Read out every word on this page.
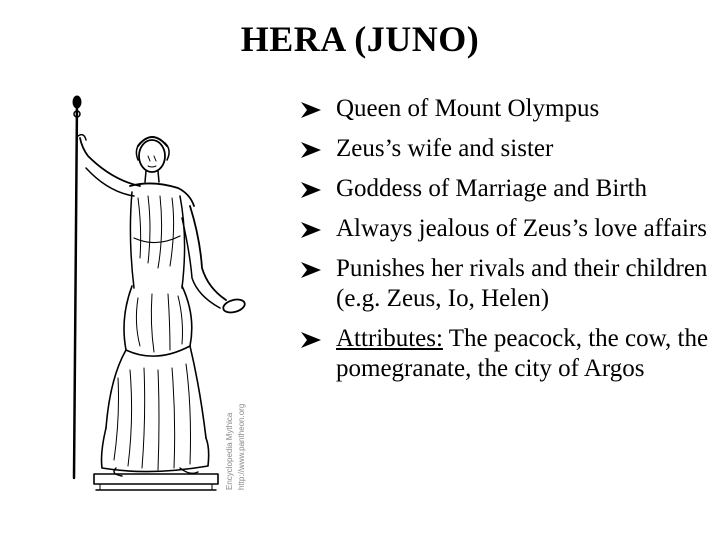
HERA (JUNO)
Encyclopedia Mythica http://www.pantheon.org
Queen of Mount Olympus
Zeus’s wife and sister
Goddess of Marriage and Birth
Always jealous of Zeus’s love affairs
Punishes her rivals and their children (e.g. Zeus, Io, Helen)
Attributes: The peacock, the cow, the pomegranate, the city of Argos
